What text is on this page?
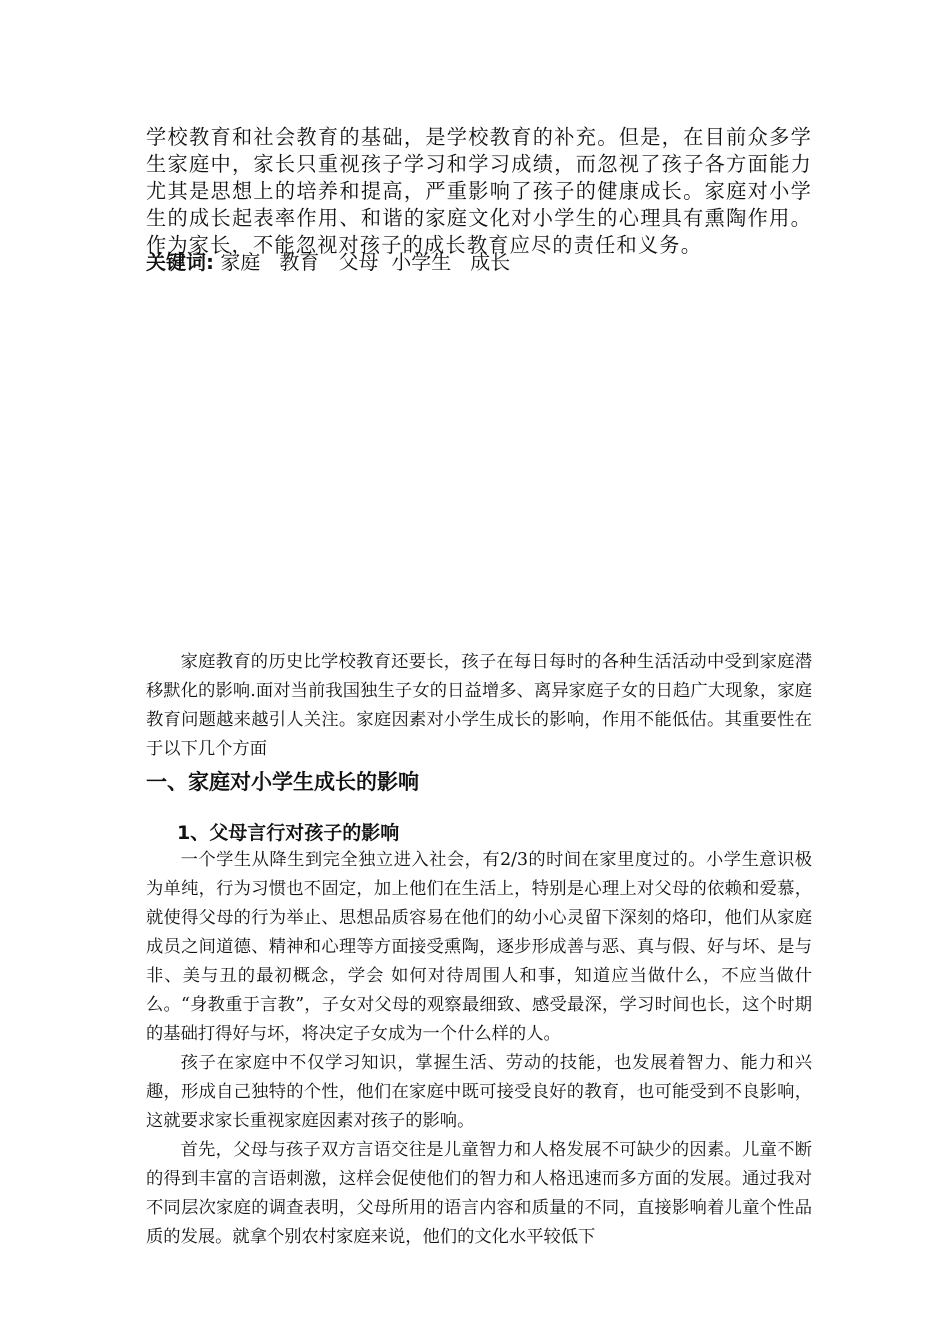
学校教育和社会教育的基础，是学校教育的补充。但是，在目前众多学生家庭中，家长只重视孩子学习和学习成绩，而忽视了孩子各方面能力尤其是思想上的培养和提高，严重影响了孩子的健康成长。家庭对小学生的成长起表率作用、和谐的家庭文化对小学生的心理具有熏陶作用。作为家长，不能忽视对孩子的成长教育应尽的责任和义务。

关键词: 家庭   教育   父母  小学生   成长

家庭教育的历史比学校教育还要长，孩子在每日每时的各种生活活动中受到家庭潜移默化的影响.面对当前我国独生子女的日益增多、离异家庭子女的日趋广大现象，家庭教育问题越来越引人关注。家庭因素对小学生成长的影响，作用不能低估。其重要性在于以下几个方面

一、家庭对小学生成长的影响
1、父母言行对孩子的影响

一个学生从降生到完全独立进入社会，有2/3的时间在家里度过的。小学生意识极为单纯，行为习惯也不固定，加上他们在生活上，特别是心理上对父母的依赖和爱慕，就使得父母的行为举止、思想品质容易在他们的幼小心灵留下深刻的烙印，他们从家庭成员之间道德、精神和心理等方面接受熏陶，逐步形成善与恶、真与假、好与坏、是与非、美与丑的最初概念，学会 如何对待周围人和事，知道应当做什么，不应当做什么。“身教重于言教”，子女对父母的观察最细致、感受最深，学习时间也长，这个时期的基础打得好与坏，将决定子女成为一个什么样的人。

孩子在家庭中不仅学习知识，掌握生活、劳动的技能，也发展着智力、能力和兴趣，形成自己独特的个性，他们在家庭中既可接受良好的教育，也可能受到不良影响，这就要求家长重视家庭因素对孩子的影响。

首先，父母与孩子双方言语交往是儿童智力和人格发展不可缺少的因素。儿童不断的得到丰富的言语刺激，这样会促使他们的智力和人格迅速而多方面的发展。通过我对不同层次家庭的调查表明，父母所用的语言内容和质量的不同，直接影响着儿童个性品质的发展。就拿个别农村家庭来说，他们的文化水平较低下
